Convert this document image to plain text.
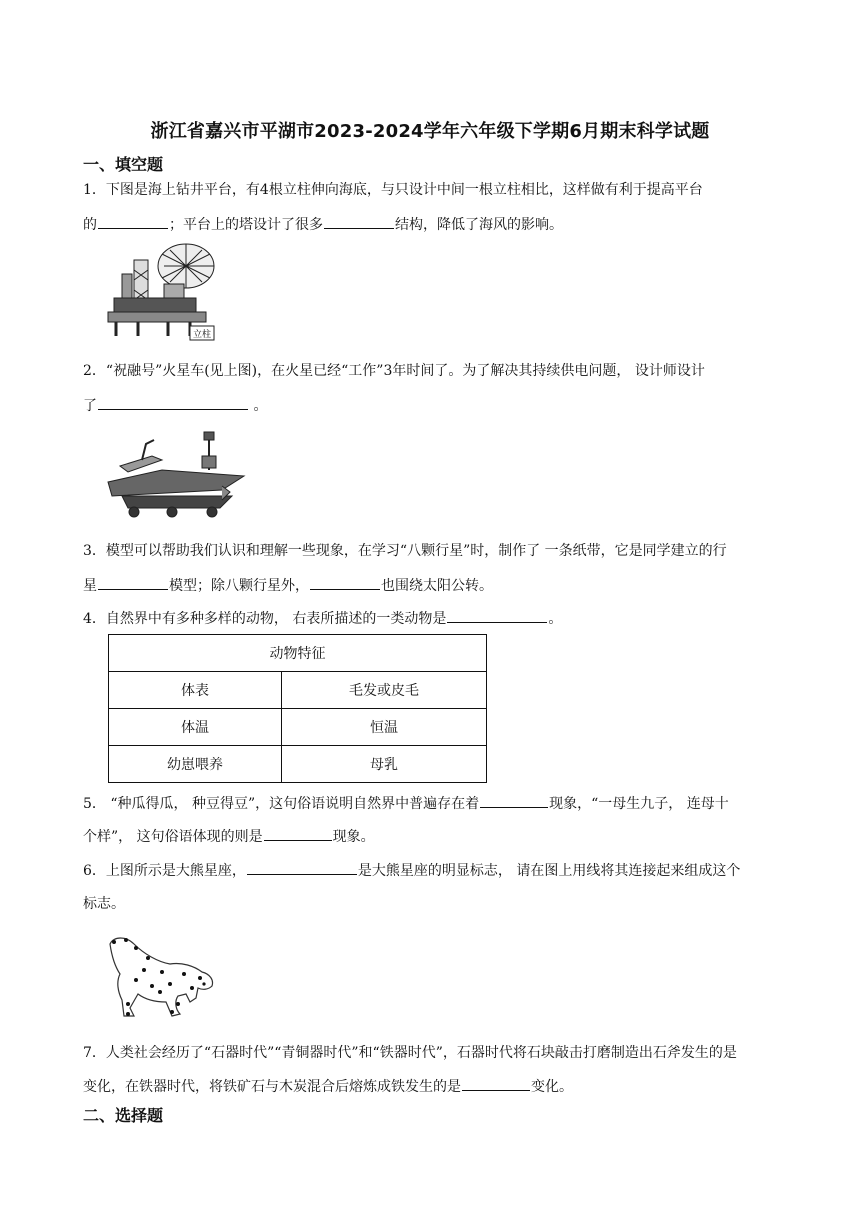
浙江省嘉兴市平湖市2023-2024学年六年级下学期6月期末科学试题
一、填空题
1．下图是海上钻井平台，有4根立柱伸向海底，与只设计中间一根立柱相比，这样做有利于提高平台
的	；平台上的塔设计了很多	结构，降低了海风的影响。
立柱
2．“祝融号”火星车(见上图)，在火星已经“工作”3年时间了。为了解决其持续供电问题， 设计师设计
了	。
3．模型可以帮助我们认识和理解一些现象，在学习“八颗行星”时，制作了 一条纸带，它是同学建立的行
星	模型；除八颗行星外，	也围绕太阳公转。
4．自然界中有多种多样的动物， 右表所描述的一类动物是	。
动物特征	
体表	毛发或皮毛
体温	恒温
幼崽喂养	母乳
5． “种瓜得瓜， 种豆得豆”，这句俗语说明自然界中普遍存在着	现象，“一母生九子， 连母十
个样”， 这句俗语体现的则是	现象。
6．上图所示是大熊星座，	是大熊星座的明显标志， 请在图上用线将其连接起来组成这个
标志。
7．人类社会经历了“石器时代”“青铜器时代”和“铁器时代”，石器时代将石块敲击打磨制造出石斧发生的是
变化，在铁器时代，将铁矿石与木炭混合后熔炼成铁发生的是	变化。
二、选择题
